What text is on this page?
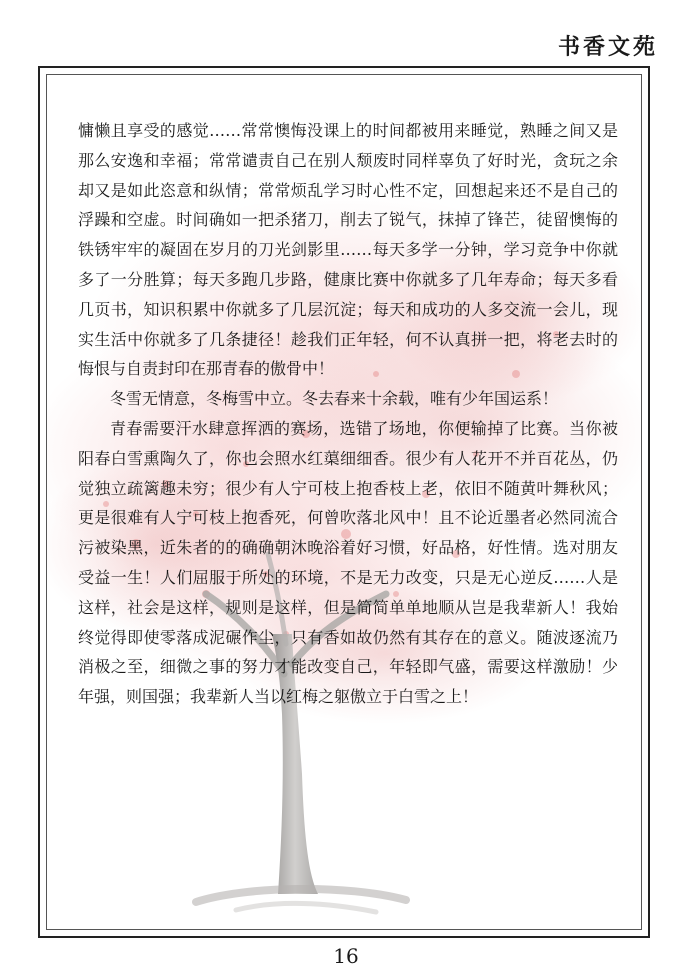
书香文苑

慵懒且享受的感觉……常常懊悔没课上的时间都被用来睡觉，熟睡之间又是那么安逸和幸福；常常谴责自己在别人颓废时同样辜负了好时光，贪玩之余却又是如此恣意和纵情；常常烦乱学习时心性不定，回想起来还不是自己的浮躁和空虚。时间确如一把杀猪刀，削去了锐气，抹掉了锋芒，徒留懊悔的铁锈牢牢的凝固在岁月的刀光剑影里……每天多学一分钟，学习竞争中你就多了一分胜算；每天多跑几步路，健康比赛中你就多了几年寿命；每天多看几页书，知识积累中你就多了几层沉淀；每天和成功的人多交流一会儿，现实生活中你就多了几条捷径！趁我们正年轻，何不认真拼一把，将老去时的悔恨与自责封印在那青春的傲骨中！

冬雪无情意，冬梅雪中立。冬去春来十余载，唯有少年国运系！

青春需要汗水肆意挥洒的赛场，选错了场地，你便输掉了比赛。当你被阳春白雪熏陶久了，你也会照水红蕖细细香。很少有人花开不并百花丛，仍觉独立疏篱趣未穷；很少有人宁可枝上抱香枝上老，依旧不随黄叶舞秋风；更是很难有人宁可枝上抱香死，何曾吹落北风中！且不论近墨者必然同流合污被染黑，近朱者的的确确朝沐晚浴着好习惯，好品格，好性情。选对朋友受益一生！人们屈服于所处的环境，不是无力改变，只是无心逆反……人是这样，社会是这样，规则是这样，但是简简单单地顺从岂是我辈新人！我始终觉得即使零落成泥碾作尘，只有香如故仍然有其存在的意义。随波逐流乃消极之至，细微之事的努力才能改变自己，年轻即气盛，需要这样激励！少年强，则国强；我辈新人当以红梅之躯傲立于白雪之上！

16
